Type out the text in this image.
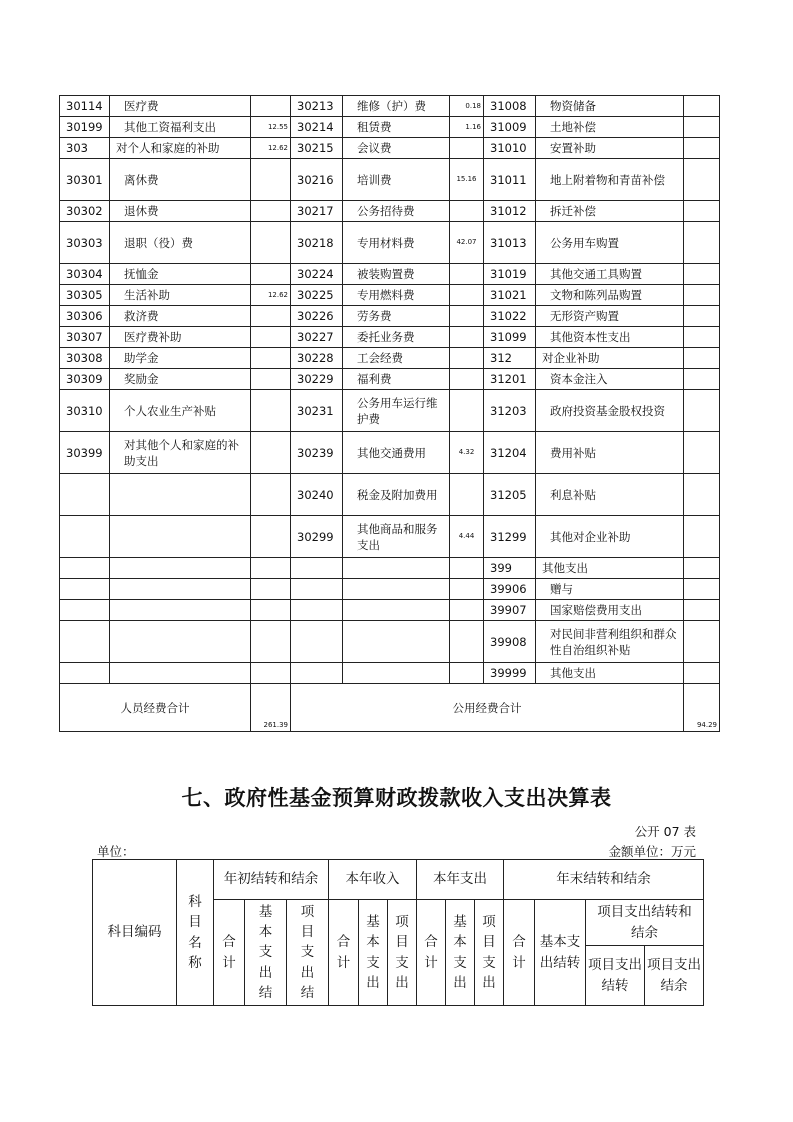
30114	医疗费		30213	维修（护）费	0.18	31008	物资储备	
30199	其他工资福利支出	12.55	30214	租赁费	1.16	31009	土地补偿	
303	对个人和家庭的补助	12.62	30215	会议费		31010	安置补助	
30301	离休费		30216	培训费	15.16	31011	地上附着物和青苗补偿	
30302	退休费		30217	公务招待费		31012	拆迁补偿	
30303	退职（役）费		30218	专用材料费	42.07	31013	公务用车购置	
30304	抚恤金		30224	被装购置费		31019	其他交通工具购置	
30305	生活补助	12.62	30225	专用燃料费		31021	文物和陈列品购置	
30306	救济费		30226	劳务费		31022	无形资产购置	
30307	医疗费补助		30227	委托业务费		31099	其他资本性支出	
30308	助学金		30228	工会经费		312	对企业补助	
30309	奖励金		30229	福利费		31201	资本金注入	
30310	个人农业生产补贴		30231	公务用车运行维护费		31203	政府投资基金股权投资	
30399	对其他个人和家庭的补助支出		30239	其他交通费用	4.32	31204	费用补贴	
			30240	税金及附加费用		31205	利息补贴	
			30299	其他商品和服务支出	4.44	31299	其他对企业补助	
						399	其他支出	
						39906	赠与	
						39907	国家赔偿费用支出	
						39908	对民间非营利组织和群众性自治组织补贴	
						39999	其他支出	
人员经费合计		261.39	公用经费合计					94.29
七、政府性基金预算财政拨款收入支出决算表
公开 07 表
单位：	金额单位：万元
科目编码	科目名称	年初结转和结余			本年收入			本年支出			年末结转和结余			
		合计	基本支出结	项目支出结	合计	基本支出	项目支出	合计	基本支出	项目支出	合计	基本支出结转	项目支出结转和结余	
													项目支出结转	项目支出结余
